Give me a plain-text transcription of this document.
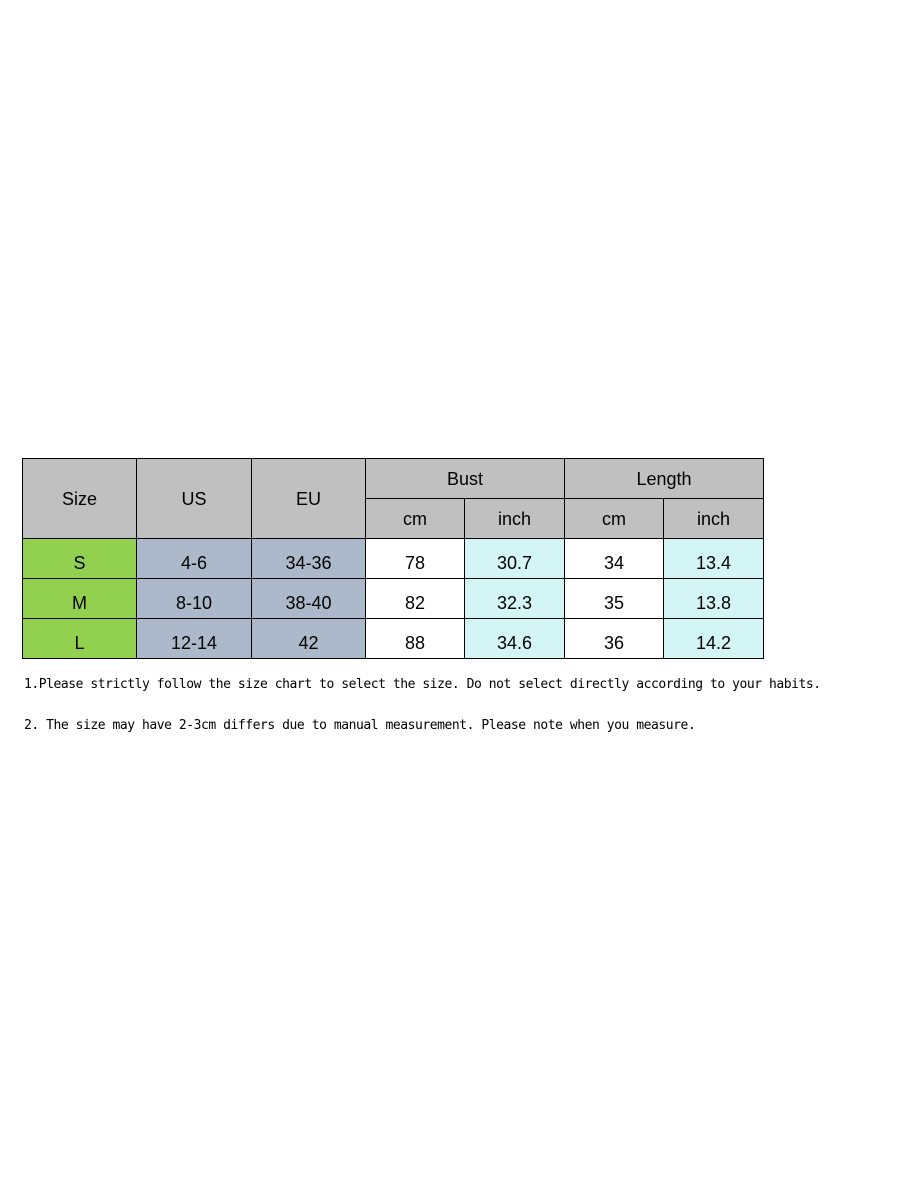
Size	US	EU	Bust		Length	
			cm	inch	cm	inch
S	4-6	34-36	78	30.7	34	13.4
M	8-10	38-40	82	32.3	35	13.8
L	12-14	42	88	34.6	36	14.2

1.Please strictly follow the size chart to select the size. Do not select directly according to your habits.

2. The size may have 2-3cm differs due to manual measurement. Please note when you measure.
